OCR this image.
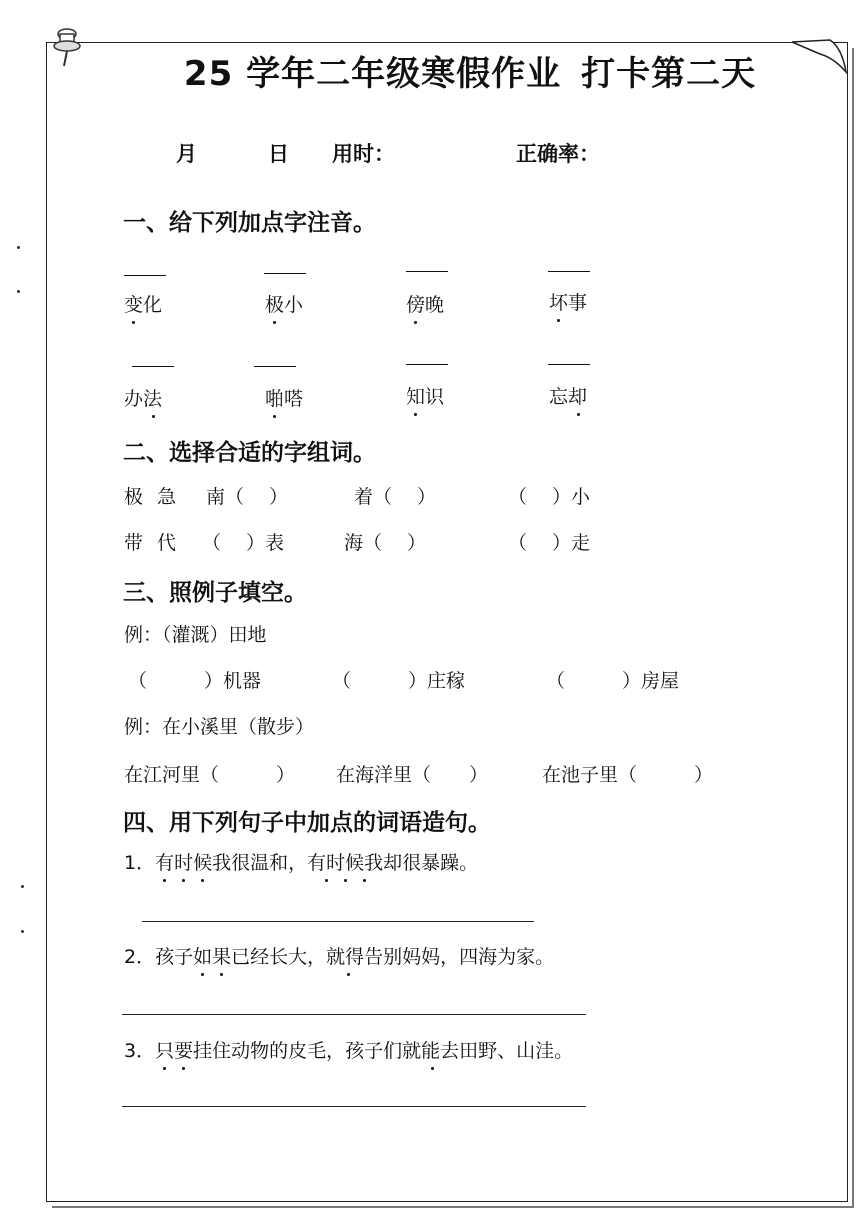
25 学年二年级寒假作业 打卡第二天
月	日 用时：	正确率：
一、给下列加点字注音。
变化	极小	傍晚	坏事
办法	啪嗒	知识	忘却
二、选择合适的字组词。
极 急 南（　 ）	着（　 ）	（　 ）小
带 代 （　 ）表	海（　 ）	（　 ）走
三、照例子填空。
例：（灌溉）田地
（　　　）机器	（　　　）庄稼	（　　　）房屋
例：在小溪里（散步）
在江河里（　　　） 在海洋里（　　）	在池子里（　　　）
四、用下列句子中加点的词语造句。
1．有时候我很温和，有时候我却很暴躁。
2．孩子如果已经长大，就得告别妈妈，四海为家。
3．只要挂住动物的皮毛，孩子们就能去田野、山洼。
